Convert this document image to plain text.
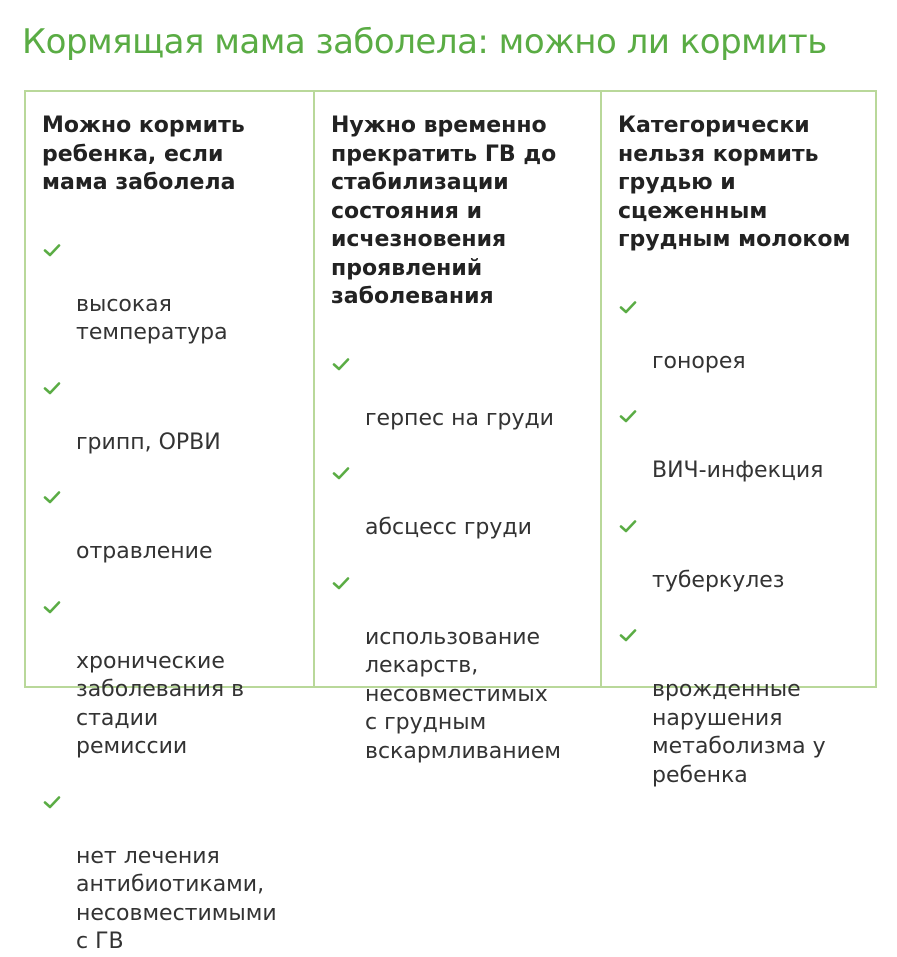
Кормящая мама заболела: можно ли кормить
Можно кормить
ребенка, если
мама заболела

высокая
температура

грипп, ОРВИ

отравление

хронические
заболевания в
стадии
ремиссии

нет лечения
антибиотиками,
несовместимыми
с ГВ

Нужно временно
прекратить ГВ до
стабилизации
состояния и
исчезновения
проявлений
заболевания

герпес на груди

абсцесс груди

использование
лекарств,
несовместимых
с грудным
вскармливанием

Категорически
нельзя кормить
грудью и
сцеженным
грудным молоком

гонорея

ВИЧ-инфекция

туберкулез

врожденные
нарушения
метаболизма у
ребенка
